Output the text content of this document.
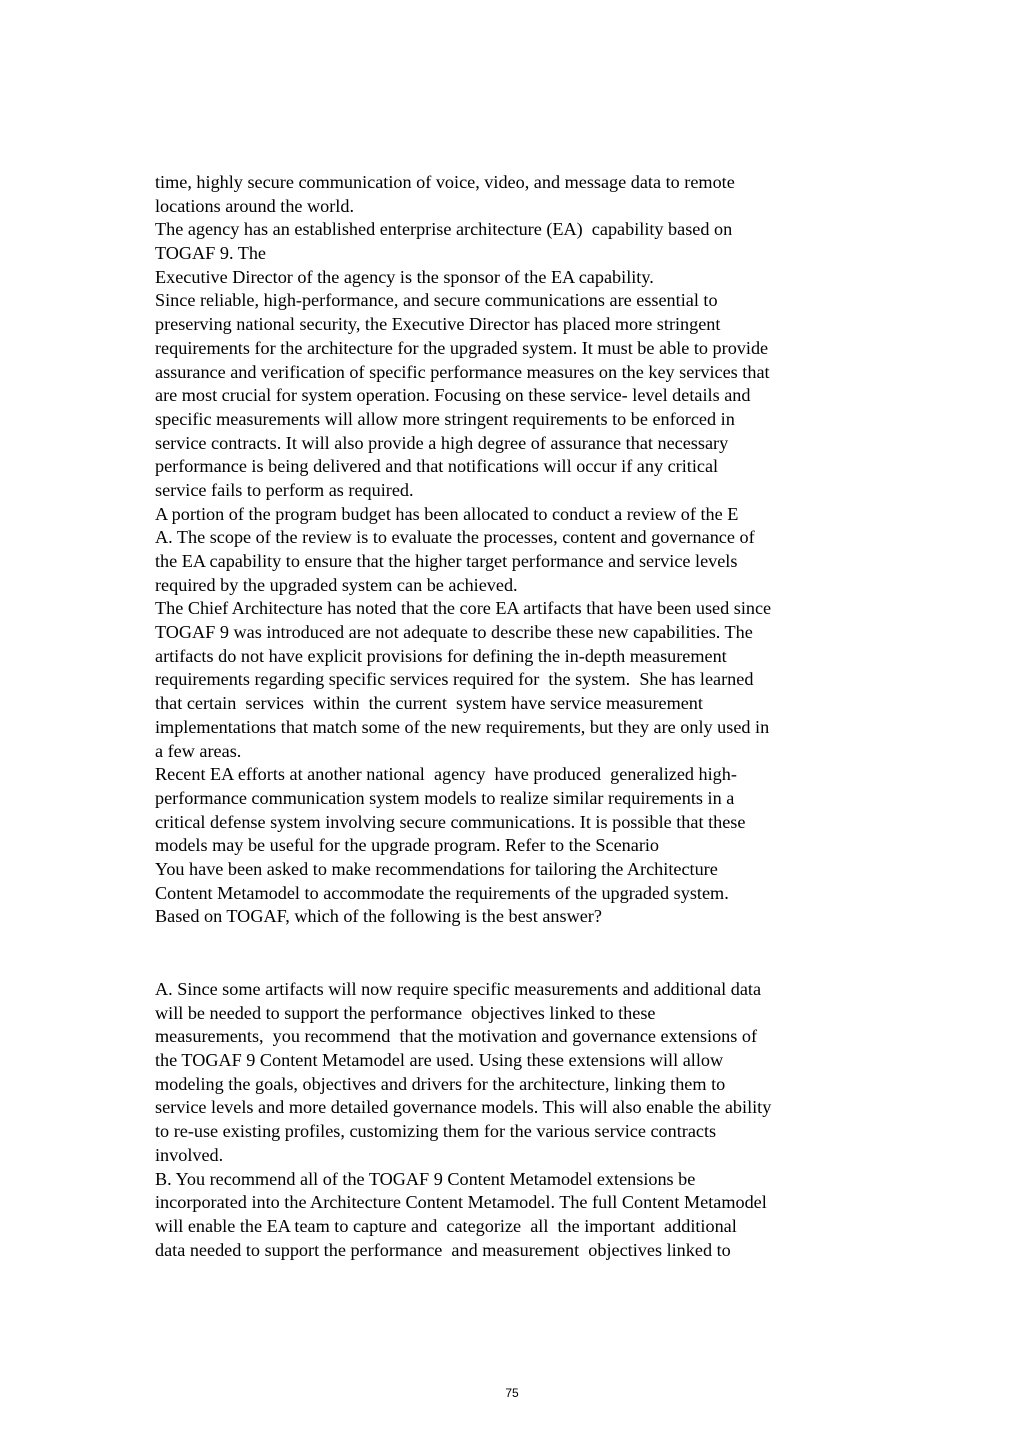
time, highly secure communication of voice, video, and message data to remote
locations around the world.
The agency has an established enterprise architecture (EA)  capability based on
TOGAF 9. The
Executive Director of the agency is the sponsor of the EA capability.
Since reliable, high-performance, and secure communications are essential to
preserving national security, the Executive Director has placed more stringent
requirements for the architecture for the upgraded system. It must be able to provide
assurance and verification of specific performance measures on the key services that
are most crucial for system operation. Focusing on these service- level details and
specific measurements will allow more stringent requirements to be enforced in
service contracts. It will also provide a high degree of assurance that necessary
performance is being delivered and that notifications will occur if any critical
service fails to perform as required.
A portion of the program budget has been allocated to conduct a review of the E
A. The scope of the review is to evaluate the processes, content and governance of
the EA capability to ensure that the higher target performance and service levels
required by the upgraded system can be achieved.
The Chief Architecture has noted that the core EA artifacts that have been used since
TOGAF 9 was introduced are not adequate to describe these new capabilities. The
artifacts do not have explicit provisions for defining the in-depth measurement
requirements regarding specific services required for  the system.  She has learned
that certain  services  within  the current  system have service measurement
implementations that match some of the new requirements, but they are only used in
a few areas.
Recent EA efforts at another national  agency  have produced  generalized high-
performance communication system models to realize similar requirements in a
critical defense system involving secure communications. It is possible that these
models may be useful for the upgrade program. Refer to the Scenario
You have been asked to make recommendations for tailoring the Architecture
Content Metamodel to accommodate the requirements of the upgraded system.
Based on TOGAF, which of the following is the best answer?
A. Since some artifacts will now require specific measurements and additional data
will be needed to support the performance  objectives linked to these
measurements,  you recommend  that the motivation and governance extensions of
the TOGAF 9 Content Metamodel are used. Using these extensions will allow
modeling the goals, objectives and drivers for the architecture, linking them to
service levels and more detailed governance models. This will also enable the ability
to re-use existing profiles, customizing them for the various service contracts
involved.
B. You recommend all of the TOGAF 9 Content Metamodel extensions be
incorporated into the Architecture Content Metamodel. The full Content Metamodel
will enable the EA team to capture and  categorize  all  the important  additional
data needed to support the performance  and measurement  objectives linked to
75
